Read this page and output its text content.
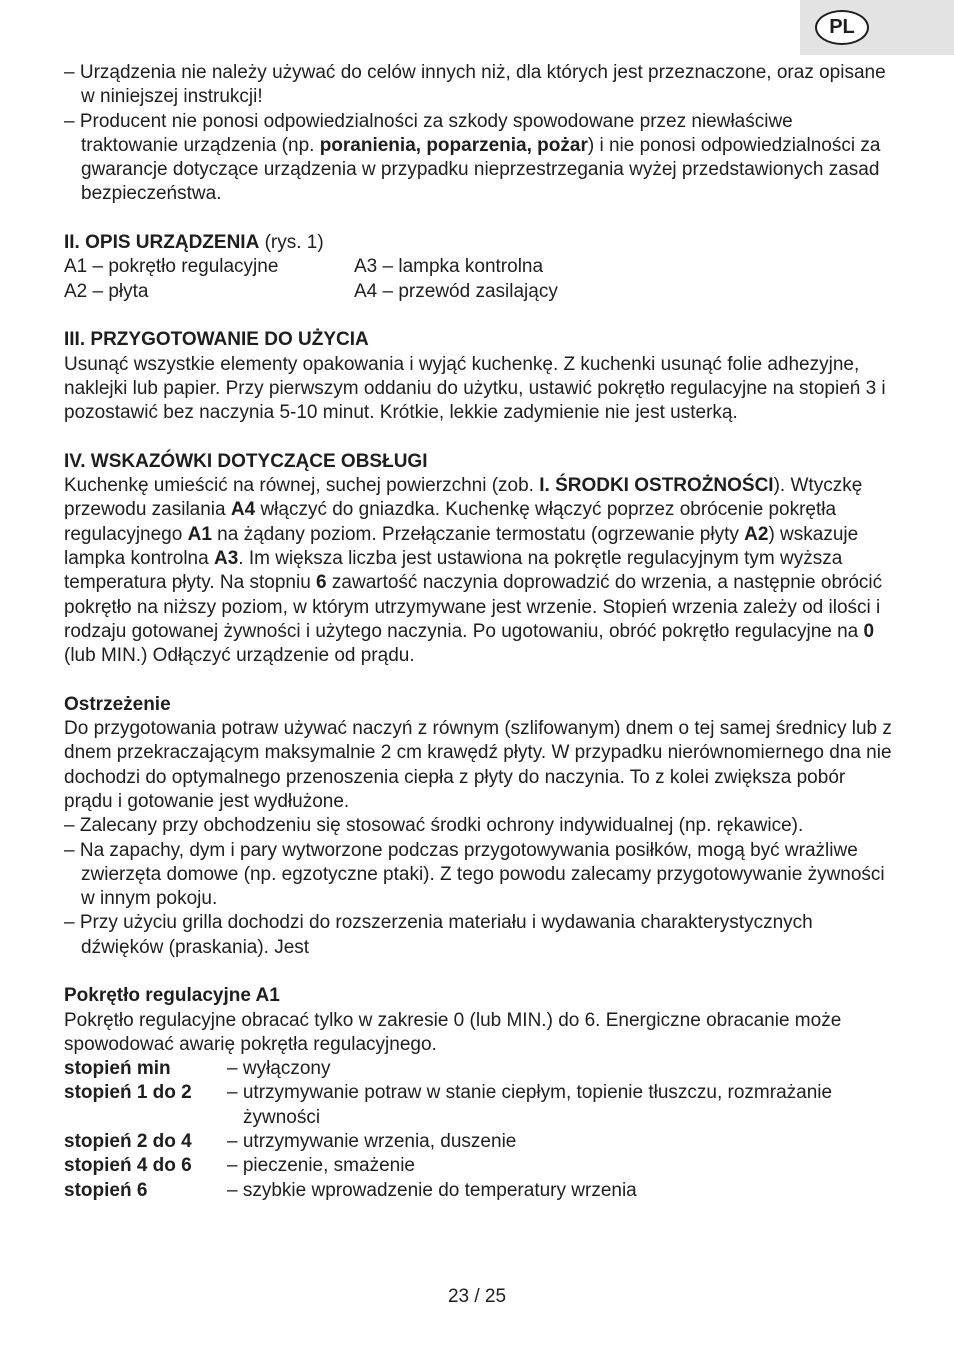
PL

– Urządzenia nie należy używać do celów innych niż, dla których jest przeznaczone, oraz opisane w niniejszej instrukcji!

– Producent nie ponosi odpowiedzialności za szkody spowodowane przez niewłaściwe traktowanie urządzenia (np. poranienia, poparzenia, pożar) i nie ponosi odpowiedzialności za gwarancje dotyczące urządzenia w przypadku nieprzestrzegania wyżej przedstawionych zasad bezpieczeństwa.

II. OPIS URZĄDZENIA (rys. 1)

A1 – pokrętło regulacyjne	A3 – lampka kontrolna
A2 – płyta	A4 – przewód zasilający

III. PRZYGOTOWANIE DO UŻYCIA

Usunąć wszystkie elementy opakowania i wyjąć kuchenkę. Z kuchenki usunąć folie adhezyjne, naklejki lub papier. Przy pierwszym oddaniu do użytku, ustawić pokrętło regulacyjne na stopień 3 i pozostawić bez naczynia 5-10 minut. Krótkie, lekkie zadymienie nie jest usterką.

IV. WSKAZÓWKI DOTYCZĄCE OBSŁUGI

Kuchenkę umieścić na równej, suchej powierzchni (zob. I. ŚRODKI OSTROŻNOŚCI). Wtyczkę przewodu zasilania A4 włączyć do gniazdka. Kuchenkę włączyć poprzez obrócenie pokrętła regulacyjnego A1 na żądany poziom. Przełączanie termostatu (ogrzewanie płyty A2) wskazuje lampka kontrolna A3. Im większa liczba jest ustawiona na pokrętle regulacyjnym tym wyższa temperatura płyty. Na stopniu 6 zawartość naczynia doprowadzić do wrzenia, a następnie obrócić pokrętło na niższy poziom, w którym utrzymywane jest wrzenie. Stopień wrzenia zależy od ilości i rodzaju gotowanej żywności i użytego naczynia. Po ugotowaniu, obróć pokrętło regulacyjne na 0 (lub MIN.) Odłączyć urządzenie od prądu.

Ostrzeżenie

Do przygotowania potraw używać naczyń z równym (szlifowanym) dnem o tej samej średnicy lub z dnem przekraczającym maksymalnie 2 cm krawędź płyty. W przypadku nierównomiernego dna nie dochodzi do optymalnego przenoszenia ciepła z płyty do naczynia. To z kolei zwiększa pobór prądu i gotowanie jest wydłużone.

– Zalecany przy obchodzeniu się stosować środki ochrony indywidualnej (np. rękawice).

– Na zapachy, dym i pary wytworzone podczas przygotowywania posiłków, mogą być wrażliwe zwierzęta domowe (np. egzotyczne ptaki). Z tego powodu zalecamy przygotowywanie żywności w innym pokoju.

– Przy użyciu grilla dochodzi do rozszerzenia materiału i wydawania charakterystycznych dźwięków (praskania). Jest

Pokrętło regulacyjne A1

Pokrętło regulacyjne obracać tylko w zakresie 0 (lub MIN.) do 6. Energiczne obracanie może spowodować awarię pokrętła regulacyjnego.

stopień min	– wyłączony
stopień 1 do 2	– utrzymywanie potraw w stanie ciepłym, topienie tłuszczu, rozmrażanie żywności
stopień 2 do 4	– utrzymywanie wrzenia, duszenie
stopień 4 do 6	– pieczenie, smażenie
stopień 6	– szybkie wprowadzenie do temperatury wrzenia
23 / 25
